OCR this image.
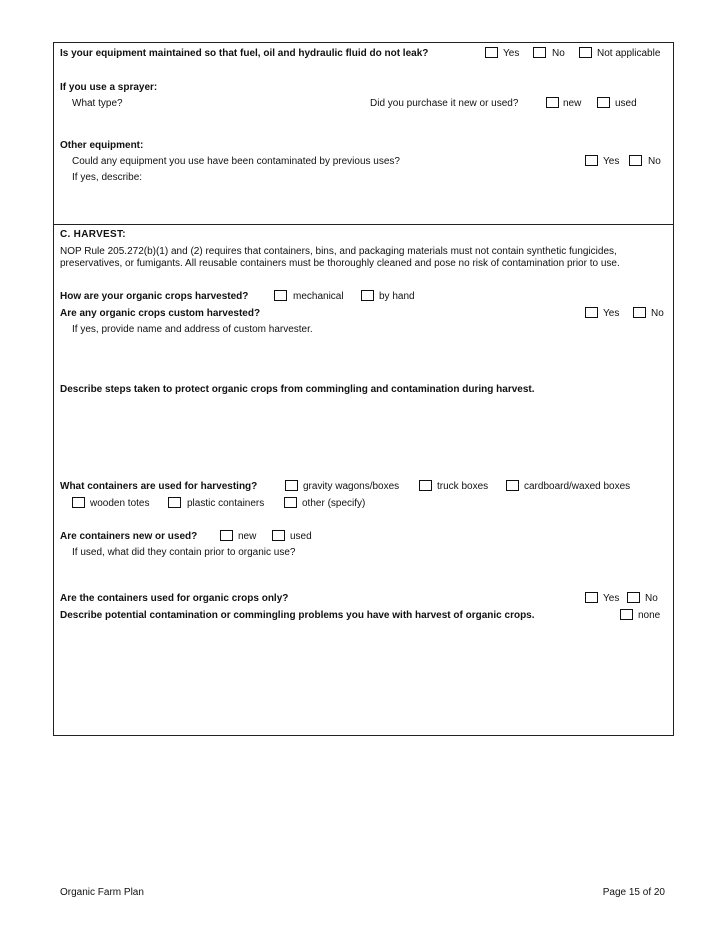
Is your equipment maintained so that fuel, oil and hydraulic fluid do not leak?	Yes	No	Not applicable
If you use a sprayer:
What type?	Did you purchase it new or used?	new	used
Other equipment:
Could any equipment you use have been contaminated by previous uses?	Yes	No
If yes, describe:
C. HARVEST:
NOP Rule 205.272(b)(1) and (2) requires that containers, bins, and packaging materials must not contain synthetic fungicides, preservatives, or fumigants. All reusable containers must be thoroughly cleaned and pose no risk of contamination prior to use.
How are your organic crops harvested?	mechanical	by hand
Are any organic crops custom harvested?	Yes	No
If yes, provide name and address of custom harvester.
Describe steps taken to protect organic crops from commingling and contamination during harvest.
What containers are used for harvesting?	gravity wagons/boxes	truck boxes	cardboard/waxed boxes
wooden totes	plastic containers	other (specify)
Are containers new or used?	new	used
If used, what did they contain prior to organic use?
Are the containers used for organic crops only?	Yes	No
Describe potential contamination or commingling problems you have with harvest of organic crops.	none
Organic Farm Plan	Page 15 of 20
